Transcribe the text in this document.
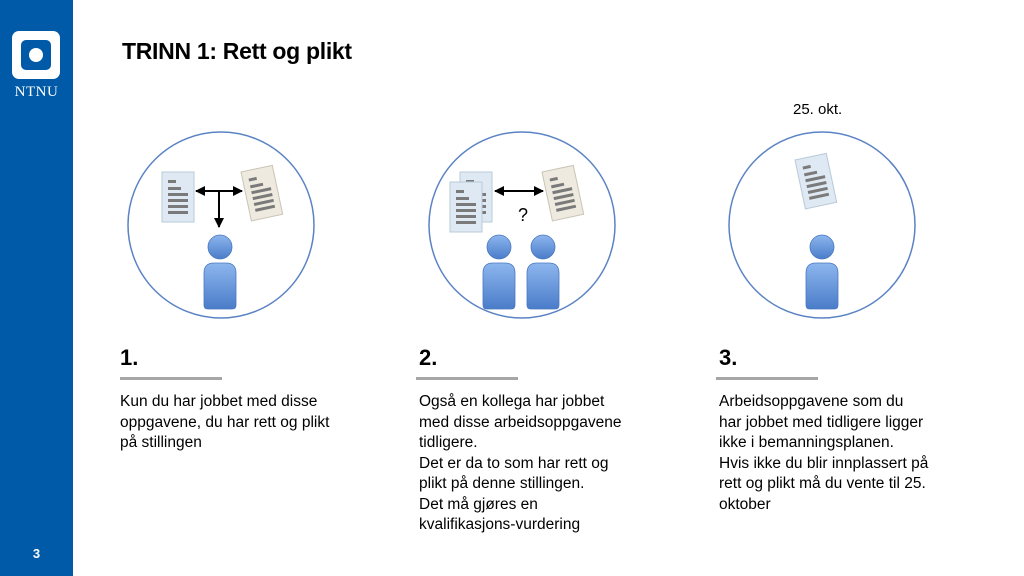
NTNU
3
TRINN 1: Rett og plikt
25. okt.
?
1.
Kun du har jobbet med disse
oppgavene, du har rett og plikt
på stillingen
2.
Også en kollega har jobbet
med disse arbeidsoppgavene
tidligere.
Det er da to som har rett og
plikt på denne stillingen.
Det må gjøres en
kvalifikasjons-vurdering
3.
Arbeidsoppgavene som du
har jobbet med tidligere ligger
ikke i bemanningsplanen.
Hvis ikke du blir innplassert på
rett og plikt må du vente til 25.
oktober
